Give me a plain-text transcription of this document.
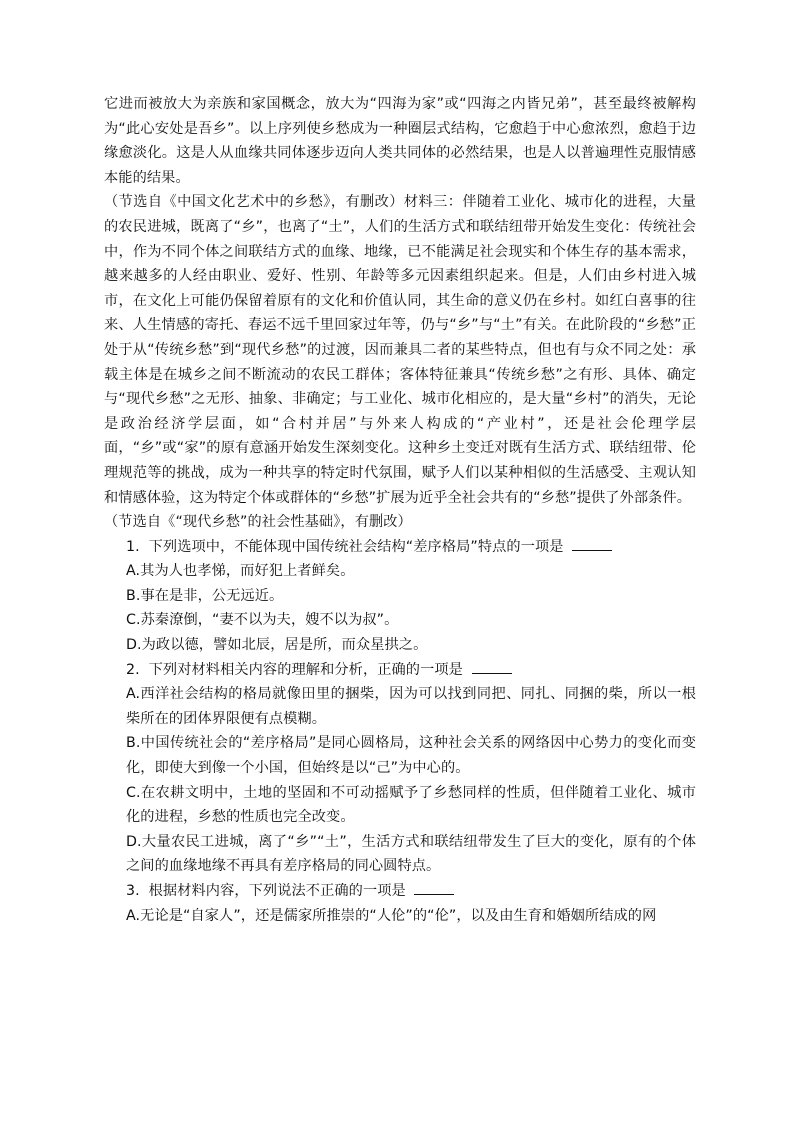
它进而被放大为亲族和家国概念，放大为“四海为家”或“四海之内皆兄弟”，甚至最终被解构为“此心安处是吾乡”。以上序列使乡愁成为一种圈层式结构，它愈趋于中心愈浓烈，愈趋于边缘愈淡化。这是人从血缘共同体逐步迈向人类共同体的必然结果，也是人以普遍理性克服情感本能的结果。

（节选自《中国文化艺术中的乡愁》，有删改）材料三：伴随着工业化、城市化的进程，大量的农民进城，既离了“乡”，也离了“土”，人们的生活方式和联结纽带开始发生变化：传统社会中，作为不同个体之间联结方式的血缘、地缘，已不能满足社会现实和个体生存的基本需求，越来越多的人经由职业、爱好、性别、年龄等多元因素组织起来。但是，人们由乡村进入城市，在文化上可能仍保留着原有的文化和价值认同，其生命的意义仍在乡村。如红白喜事的往来、人生情感的寄托、春运不远千里回家过年等，仍与“乡”与“土”有关。在此阶段的“乡愁”正处于从“传统乡愁”到“现代乡愁”的过渡，因而兼具二者的某些特点，但也有与众不同之处：承载主体是在城乡之间不断流动的农民工群体；客体特征兼具“传统乡愁”之有形、具体、确定与“现代乡愁”之无形、抽象、非确定；与工业化、城市化相应的，是大量“乡村”的消失，无论是政治经济学层面，如“合村并居”与外来人构成的“产业村”，还是社会伦理学层面，“乡”或“家”的原有意涵开始发生深刻变化。这种乡土变迁对既有生活方式、联结纽带、伦理规范等的挑战，成为一种共享的特定时代氛围，赋予人们以某种相似的生活感受、主观认知和情感体验，这为特定个体或群体的“乡愁”扩展为近乎全社会共有的“乡愁”提供了外部条件。

（节选自《“现代乡愁”的社会性基础》，有删改）

1. 下列选项中，不能体现中国传统社会结构“差序格局”特点的一项是

A.其为人也孝悌，而好犯上者鲜矣。

B.事在是非，公无远近。

C.苏秦潦倒，“妻不以为夫，嫂不以为叔”。

D.为政以德，譬如北辰，居是所，而众星拱之。

2. 下列对材料相关内容的理解和分析，正确的一项是

A.西洋社会结构的格局就像田里的捆柴，因为可以找到同把、同扎、同捆的柴，所以一根柴所在的团体界限便有点模糊。

B.中国传统社会的“差序格局”是同心圆格局，这种社会关系的网络因中心势力的变化而变化，即使大到像一个小国，但始终是以“己”为中心的。

C.在农耕文明中，土地的坚固和不可动摇赋予了乡愁同样的性质，但伴随着工业化、城市化的进程，乡愁的性质也完全改变。

D.大量农民工进城，离了“乡”“土”，生活方式和联结纽带发生了巨大的变化，原有的个体之间的血缘地缘不再具有差序格局的同心圆特点。

3. 根据材料内容，下列说法不正确的一项是

A.无论是“自家人”，还是儒家所推崇的“人伦”的“伦”，以及由生育和婚姻所结成的网
